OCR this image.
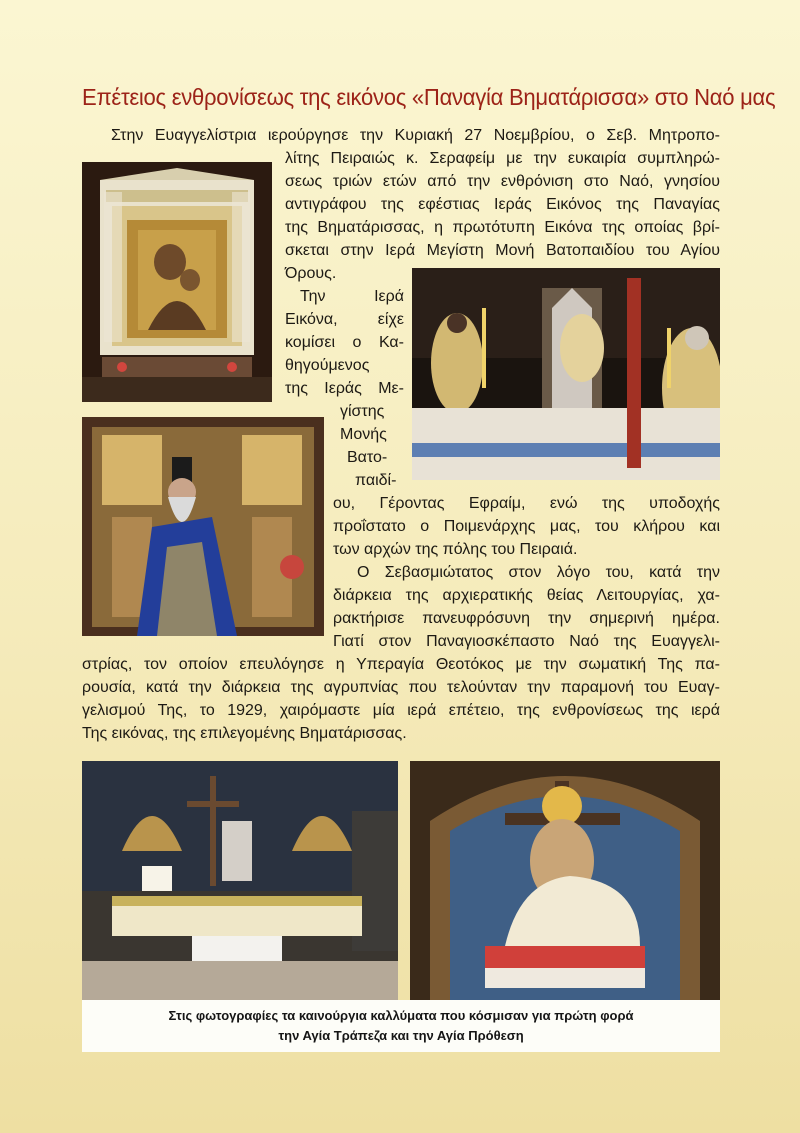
Επέτειος ενθρονίσεως της εικόνος «Παναγία Βηματάρισσα» στο Ναό μας

Στην Ευαγγελίστρια ιερούργησε την Κυριακή 27 Νοεμβρίου, ο Σεβ. Μητροπο-

λίτης Πειραιώς κ. Σεραφείμ με την ευκαιρία συμπληρώ-

σεως τριών ετών από την ενθρόνιση στο Ναό, γνησίου

αντιγράφου της εφέστιας Ιεράς Εικόνος της Παναγίας

της Βηματάρισσας, η πρωτότυπη Εικόνα της οποίας βρί-

σκεται στην Ιερά Μεγίστη Μονή Βατοπαιδίου του Αγίου

Όρους.

Την Ιερά

Εικόνα, είχε

κομίσει ο Κα-

θηγούμενος

της Ιεράς Με-

γίστης

Μονής

Βατο-

παιδί-

ου, Γέροντας Εφραίμ, ενώ της υποδοχής

προΐστατο ο Ποιμενάρχης μας, του κλήρου και

των αρχών της πόλης του Πειραιά.

Ο Σεβασμιώτατος στον λόγο του, κατά την

διάρκεια της αρχιερατικής θείας Λειτουργίας, χα-

ρακτήρισε πανευφρόσυνη την σημερινή ημέρα.

Γιατί στον Παναγιοσκέπαστο Ναό της Ευαγγελι-

στρίας, τον οποίον επευλόγησε η Υπεραγία Θεοτόκος με την σωματική Της πα-

ρουσία, κατά την διάρκεια της αγρυπνίας που τελούνταν την παραμονή του Ευαγ-

γελισμού Της, το 1929, χαιρόμαστε μία ιερά επέτειο, της ενθρονίσεως της ιερά

Της εικόνας, της επιλεγομένης Βηματάρισσας.

Στις φωτογραφίες τα καινούργια καλλύματα που κόσμισαν για πρώτη φορά
την Αγία Τράπεζα και την Αγία Πρόθεση
